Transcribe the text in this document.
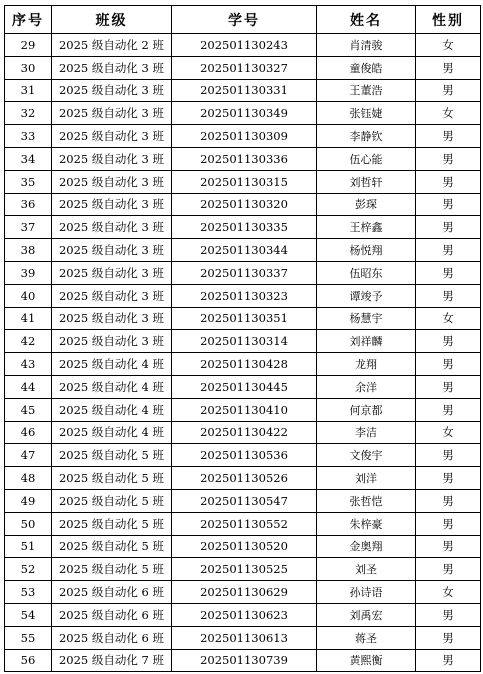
序号	班级	学号	姓名	性别
29	2025 级自动化 2 班	202501130243	肖清骏	女
30	2025 级自动化 3 班	202501130327	童俊皓	男
31	2025 级自动化 3 班	202501130331	王董浩	男
32	2025 级自动化 3 班	202501130349	张钰婕	女
33	2025 级自动化 3 班	202501130309	李静钦	男
34	2025 级自动化 3 班	202501130336	伍心能	男
35	2025 级自动化 3 班	202501130315	刘哲轩	男
36	2025 级自动化 3 班	202501130320	彭琛	男
37	2025 级自动化 3 班	202501130335	王梓鑫	男
38	2025 级自动化 3 班	202501130344	杨悦翔	男
39	2025 级自动化 3 班	202501130337	伍昭东	男
40	2025 级自动化 3 班	202501130323	谭竣予	男
41	2025 级自动化 3 班	202501130351	杨慧宇	女
42	2025 级自动化 3 班	202501130314	刘祥麟	男
43	2025 级自动化 4 班	202501130428	龙翔	男
44	2025 级自动化 4 班	202501130445	余洋	男
45	2025 级自动化 4 班	202501130410	何京都	男
46	2025 级自动化 4 班	202501130422	李洁	女
47	2025 级自动化 5 班	202501130536	文俊宇	男
48	2025 级自动化 5 班	202501130526	刘洋	男
49	2025 级自动化 5 班	202501130547	张哲恺	男
50	2025 级自动化 5 班	202501130552	朱梓豪	男
51	2025 级自动化 5 班	202501130520	金奥翔	男
52	2025 级自动化 5 班	202501130525	刘圣	男
53	2025 级自动化 6 班	202501130629	孙诗语	女
54	2025 级自动化 6 班	202501130623	刘禹宏	男
55	2025 级自动化 6 班	202501130613	蒋圣	男
56	2025 级自动化 7 班	202501130739	黄熙衡	男
